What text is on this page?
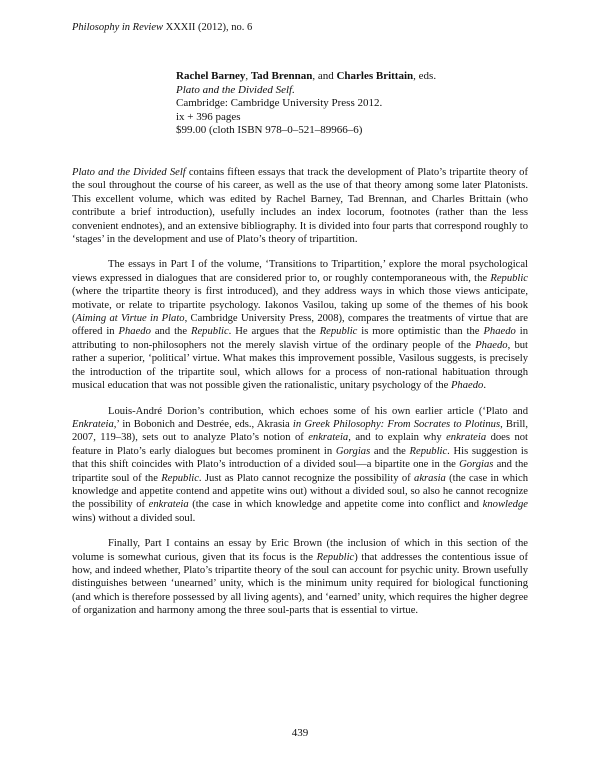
Philosophy in Review XXXII (2012), no. 6
Rachel Barney, Tad Brennan, and Charles Brittain, eds.
Plato and the Divided Self.
Cambridge: Cambridge University Press 2012.
ix + 396 pages
$99.00 (cloth ISBN 978–0–521–89966–6)

Plato and the Divided Self contains fifteen essays that track the development of Plato’s tripartite theory of the soul throughout the course of his career, as well as the use of that theory among some later Platonists. This excellent volume, which was edited by Rachel Barney, Tad Brennan, and Charles Brittain (who contribute a brief introduction), usefully includes an index locorum, footnotes (rather than the less convenient endnotes), and an extensive bibliography. It is divided into four parts that correspond roughly to ‘stages’ in the development and use of Plato’s theory of tripartition.

The essays in Part I of the volume, ‘Transitions to Tripartition,’ explore the moral psychological views expressed in dialogues that are considered prior to, or roughly contemporaneous with, the Republic (where the tripartite theory is first introduced), and they address ways in which those views anticipate, motivate, or relate to tripartite psychology. Iakonos Vasilou, taking up some of the themes of his book (Aiming at Virtue in Plato, Cambridge University Press, 2008), compares the treatments of virtue that are offered in Phaedo and the Republic. He argues that the Republic is more optimistic than the Phaedo in attributing to non-philosophers not the merely slavish virtue of the ordinary people of the Phaedo, but rather a superior, ‘political’ virtue. What makes this improvement possible, Vasilous suggests, is precisely the introduction of the tripartite soul, which allows for a process of non-rational habituation through musical education that was not possible given the rationalistic, unitary psychology of the Phaedo.

Louis-André Dorion’s contribution, which echoes some of his own earlier article (‘Plato and Enkrateia,’ in Bobonich and Destrée, eds., Akrasia in Greek Philosophy: From Socrates to Plotinus, Brill, 2007, 119–38), sets out to analyze Plato’s notion of enkrateia, and to explain why enkrateia does not feature in Plato’s early dialogues but becomes prominent in Gorgias and the Republic. His suggestion is that this shift coincides with Plato’s introduction of a divided soul—a bipartite one in the Gorgias and the tripartite soul of the Republic. Just as Plato cannot recognize the possibility of akrasia (the case in which knowledge and appetite contend and appetite wins out) without a divided soul, so also he cannot recognize the possibility of enkrateia (the case in which knowledge and appetite come into conflict and knowledge wins) without a divided soul.

Finally, Part I contains an essay by Eric Brown (the inclusion of which in this section of the volume is somewhat curious, given that its focus is the Republic) that addresses the contentious issue of how, and indeed whether, Plato’s tripartite theory of the soul can account for psychic unity. Brown usefully distinguishes between ‘unearned’ unity, which is the minimum unity required for biological functioning (and which is therefore possessed by all living agents), and ‘earned’ unity, which requires the higher degree of organization and harmony among the three soul-parts that is essential to virtue.

439
